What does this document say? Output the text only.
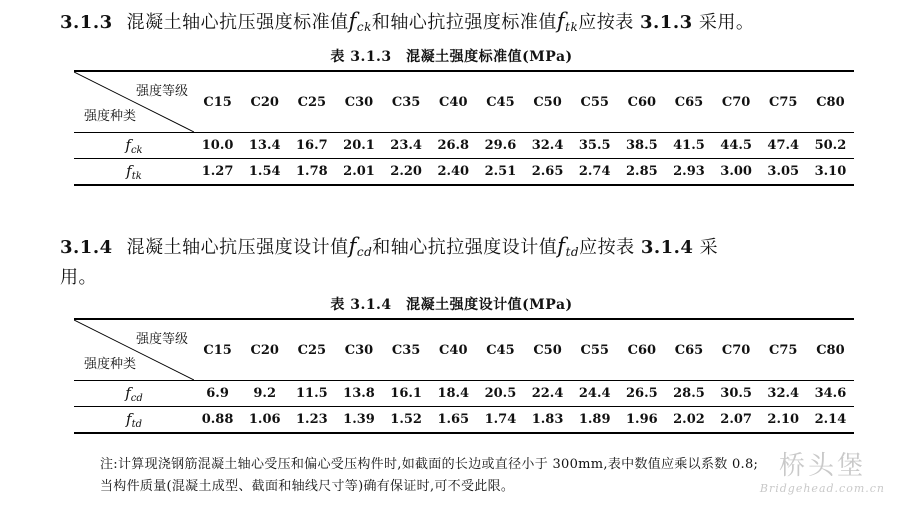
3.1.3 混凝土轴心抗压强度标准值$f_{ck}$和轴心抗拉强度标准值$f_{tk}$应按表 3.1.3 采用。
表 3.1.3　混凝土强度标准值(MPa)
强度等级
强度种类	C15	C20	C25	C30	C35	C40	C45	C50	C55	C60	C65	C70	C75	C80
$f_{ck}$	10.0	13.4	16.7	20.1	23.4	26.8	29.6	32.4	35.5	38.5	41.5	44.5	47.4	50.2
$f_{tk}$	1.27	1.54	1.78	2.01	2.20	2.40	2.51	2.65	2.74	2.85	2.93	3.00	3.05	3.10
3.1.4 混凝土轴心抗压强度设计值$f_{cd}$和轴心抗拉强度设计值$f_{td}$应按表 3.1.4 采
用。
表 3.1.4　混凝土强度设计值(MPa)
强度等级
强度种类	C15	C20	C25	C30	C35	C40	C45	C50	C55	C60	C65	C70	C75	C80
$f_{cd}$	6.9	9.2	11.5	13.8	16.1	18.4	20.5	22.4	24.4	26.5	28.5	30.5	32.4	34.6
$f_{td}$	0.88	1.06	1.23	1.39	1.52	1.65	1.74	1.83	1.89	1.96	2.02	2.07	2.10	2.14
注:计算现浇钢筋混凝土轴心受压和偏心受压构件时,如截面的长边或直径小于 300mm,表中数值应乘以系数 0.8;
当构件质量(混凝土成型、截面和轴线尺寸等)确有保证时,可不受此限。
桥头堡
Bridgehead.com.cn
